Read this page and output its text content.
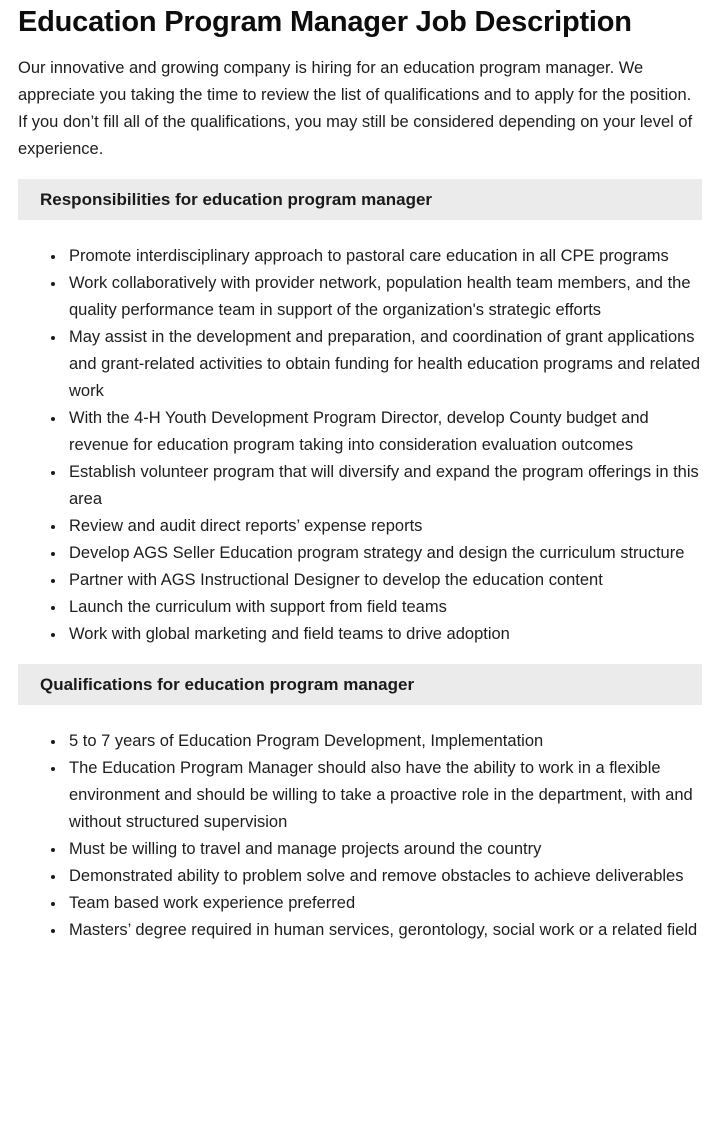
Education Program Manager Job Description

Our innovative and growing company is hiring for an education program manager. We appreciate you taking the time to review the list of qualifications and to apply for the position. If you don’t fill all of the qualifications, you may still be considered depending on your level of experience.

Responsibilities for education program manager
• Promote interdisciplinary approach to pastoral care education in all CPE programs
• Work collaboratively with provider network, population health team members, and the quality performance team in support of the organization's strategic efforts
• May assist in the development and preparation, and coordination of grant applications and grant-related activities to obtain funding for health education programs and related work
• With the 4-H Youth Development Program Director, develop County budget and revenue for education program taking into consideration evaluation outcomes
• Establish volunteer program that will diversify and expand the program offerings in this area
• Review and audit direct reports’ expense reports
• Develop AGS Seller Education program strategy and design the curriculum structure
• Partner with AGS Instructional Designer to develop the education content
• Launch the curriculum with support from field teams
• Work with global marketing and field teams to drive adoption
Qualifications for education program manager
• 5 to 7 years of Education Program Development, Implementation
• The Education Program Manager should also have the ability to work in a flexible environment and should be willing to take a proactive role in the department, with and without structured supervision
• Must be willing to travel and manage projects around the country
• Demonstrated ability to problem solve and remove obstacles to achieve deliverables
• Team based work experience preferred
• Masters’ degree required in human services, gerontology, social work or a related field
